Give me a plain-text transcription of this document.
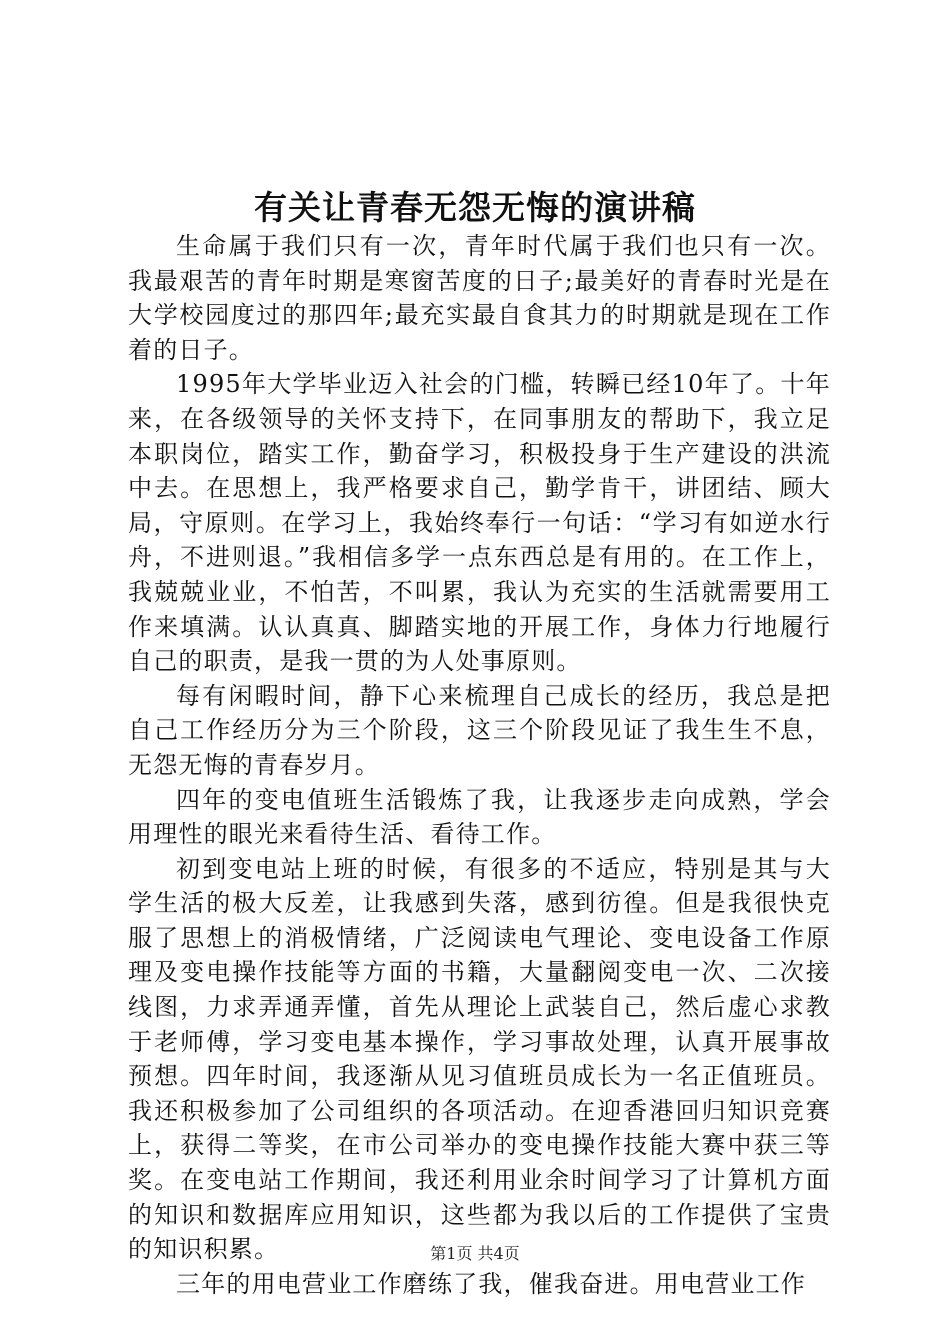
有关让青春无怨无悔的演讲稿

生命属于我们只有一次，青年时代属于我们也只有一次。我最艰苦的青年时期是寒窗苦度的日子;最美好的青春时光是在大学校园度过的那四年;最充实最自食其力的时期就是现在工作着的日子。

1995年大学毕业迈入社会的门槛，转瞬已经10年了。十年来，在各级领导的关怀支持下，在同事朋友的帮助下，我立足本职岗位，踏实工作，勤奋学习，积极投身于生产建设的洪流中去。在思想上，我严格要求自己，勤学肯干，讲团结、顾大局，守原则。在学习上，我始终奉行一句话：“学习有如逆水行舟，不进则退。”我相信多学一点东西总是有用的。在工作上，我兢兢业业，不怕苦，不叫累，我认为充实的生活就需要用工作来填满。认认真真、脚踏实地的开展工作，身体力行地履行自己的职责，是我一贯的为人处事原则。

每有闲暇时间，静下心来梳理自己成长的经历，我总是把自己工作经历分为三个阶段，这三个阶段见证了我生生不息，无怨无悔的青春岁月。

四年的变电值班生活锻炼了我，让我逐步走向成熟，学会用理性的眼光来看待生活、看待工作。

初到变电站上班的时候，有很多的不适应，特别是其与大学生活的极大反差，让我感到失落，感到彷徨。但是我很快克服了思想上的消极情绪，广泛阅读电气理论、变电设备工作原理及变电操作技能等方面的书籍，大量翻阅变电一次、二次接线图，力求弄通弄懂，首先从理论上武装自己，然后虚心求教于老师傅，学习变电基本操作，学习事故处理，认真开展事故预想。四年时间，我逐渐从见习值班员成长为一名正值班员。我还积极参加了公司组织的各项活动。在迎香港回归知识竞赛上，获得二等奖，在市公司举办的变电操作技能大赛中获三等奖。在变电站工作期间，我还利用业余时间学习了计算机方面的知识和数据库应用知识，这些都为我以后的工作提供了宝贵的知识积累。

三年的用电营业工作磨练了我，催我奋进。用电营业工作

第1页 共4页
